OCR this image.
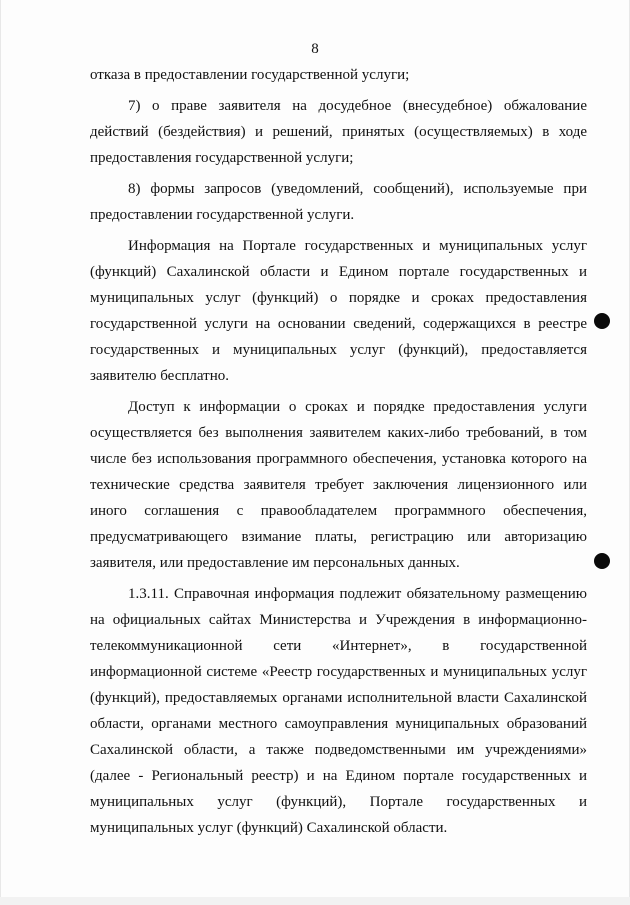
8

отказа в предоставлении государственной услуги;

7) о праве заявителя на досудебное (внесудебное) обжалование действий (бездействия) и решений, принятых (осуществляемых) в ходе предоставления государственной услуги;

8) формы запросов (уведомлений, сообщений), используемые при предоставлении государственной услуги.

Информация на Портале государственных и муниципальных услуг (функций) Сахалинской области и Едином портале государственных и муниципальных услуг (функций) о порядке и сроках предоставления государственной услуги на основании сведений, содержащихся в реестре государственных и муниципальных услуг (функций), предоставляется заявителю бесплатно.

Доступ к информации о сроках и порядке предоставления услуги осуществляется без выполнения заявителем каких-либо требований, в том числе без использования программного обеспечения, установка которого на технические средства заявителя требует заключения лицензионного или иного соглашения с правообладателем программного обеспечения, предусматривающего взимание платы, регистрацию или авторизацию заявителя, или предоставление им персональных данных.

1.3.11. Справочная информация подлежит обязательному размещению на официальных сайтах Министерства и Учреждения в информационно-телекоммуникационной сети «Интернет», в государственной информационной системе «Реестр государственных и муниципальных услуг (функций), предоставляемых органами исполнительной власти Сахалинской области, органами местного самоуправления муниципальных образований Сахалинской области, а также подведомственными им учреждениями» (далее - Региональный реестр) и на Едином портале государственных и муниципальных услуг (функций), Портале государственных и муниципальных услуг (функций) Сахалинской области.
